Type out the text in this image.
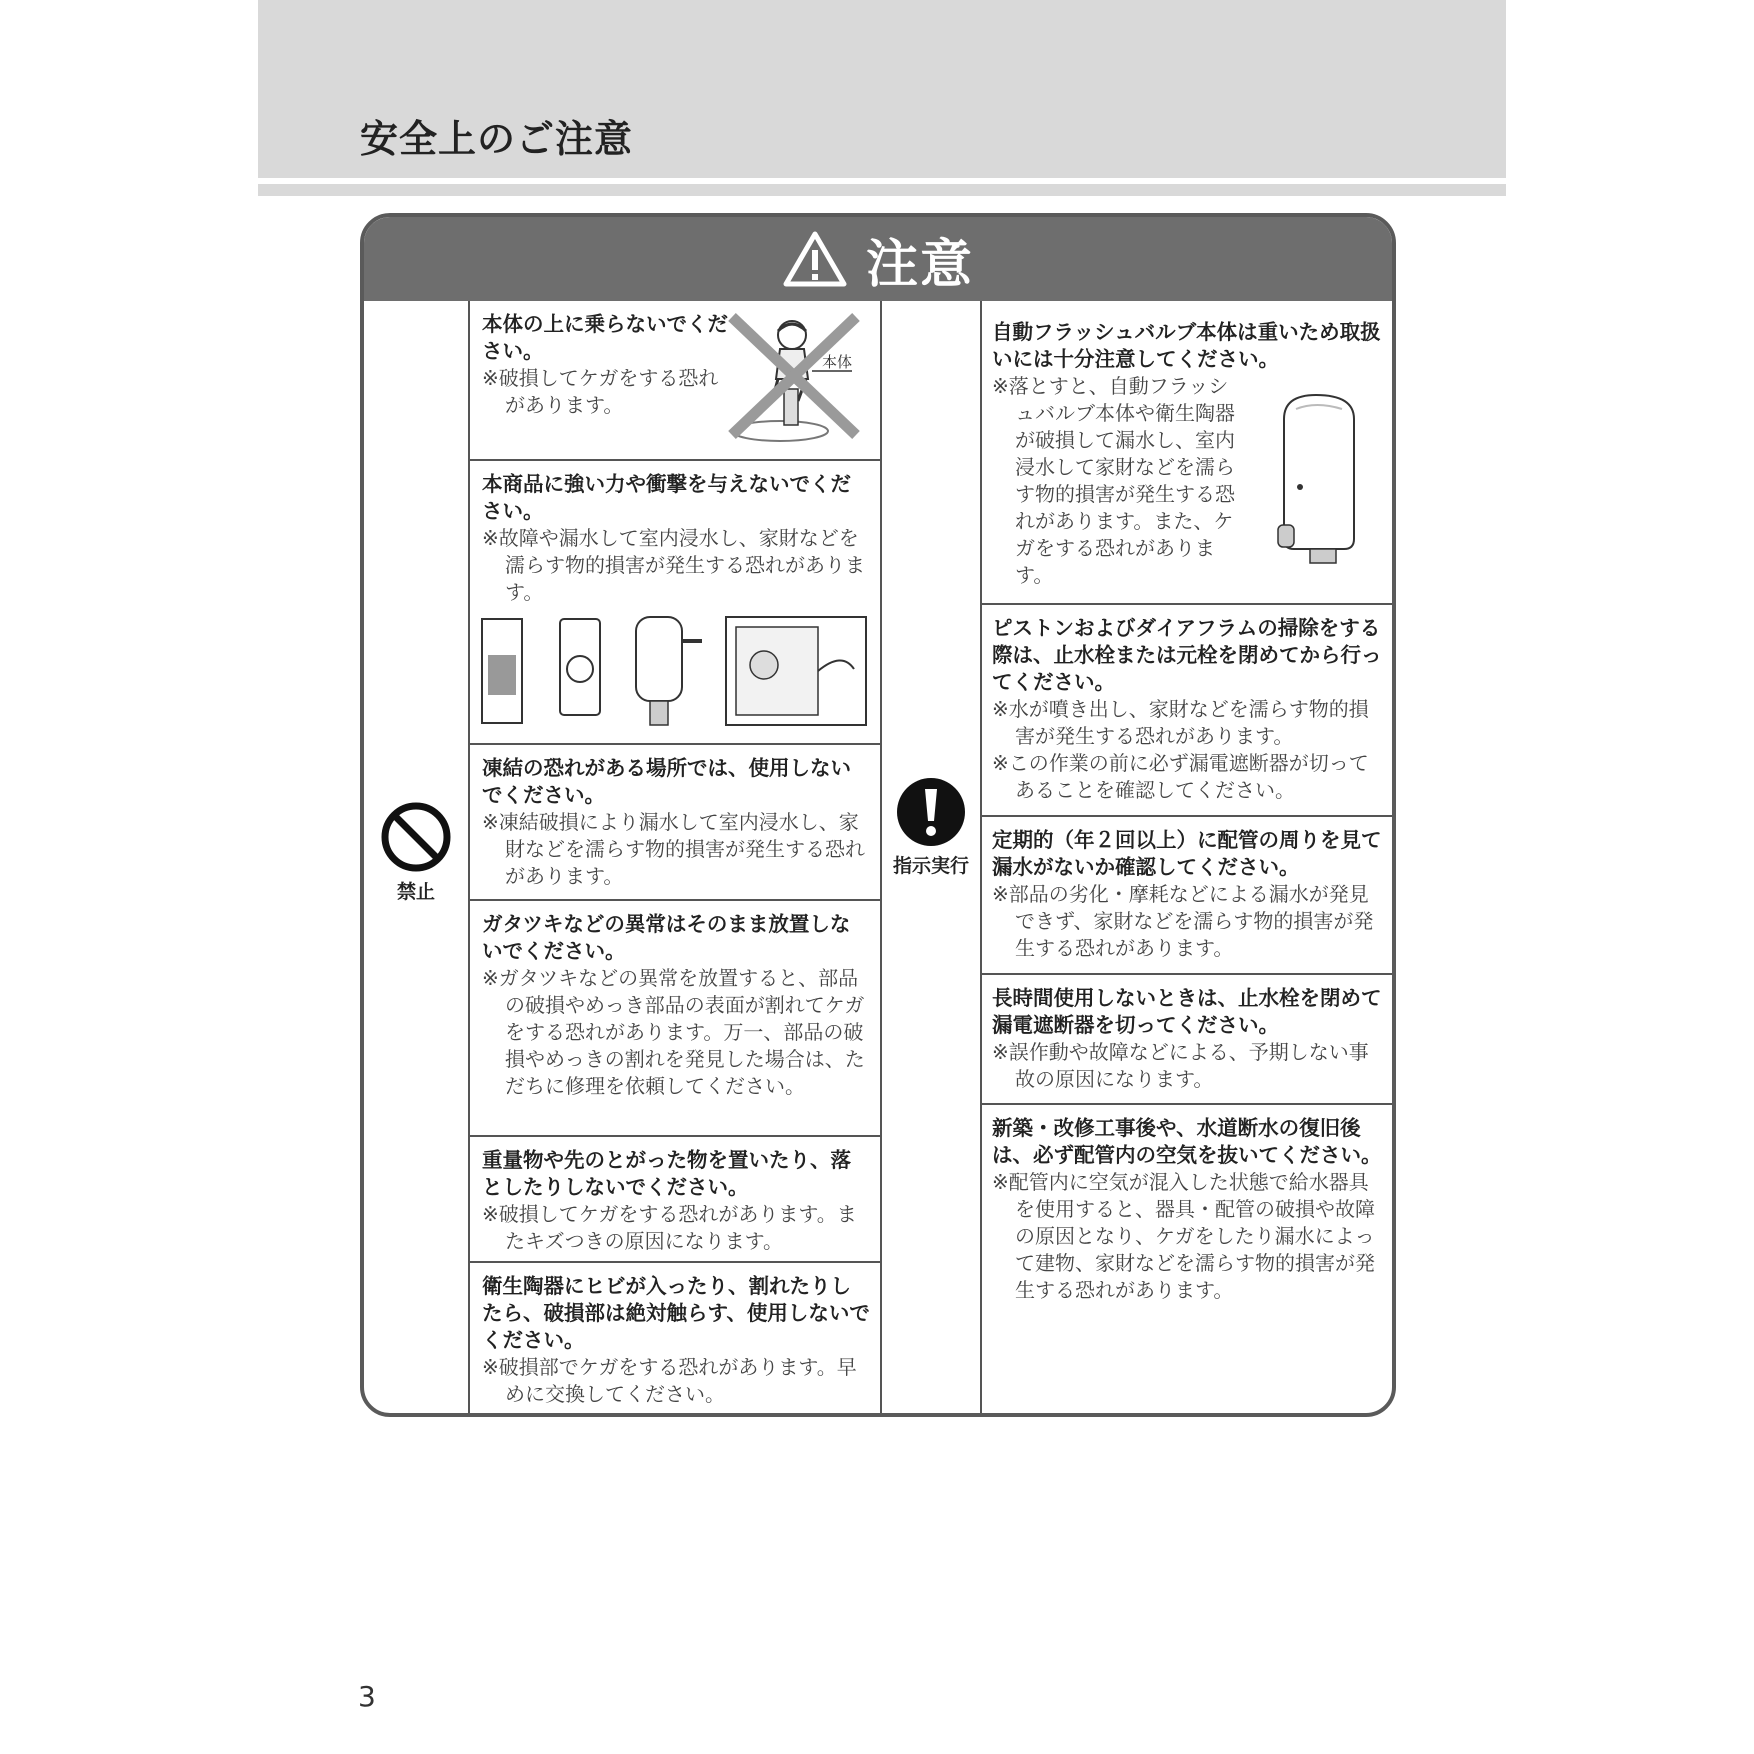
安全上のご注意
注意
禁止

本体の上に乗らないでください。

※破損してケガをする恐れがあります。

本体

本商品に強い力や衝撃を与えないでください。

※故障や漏水して室内浸水し、家財などを濡らす物的損害が発生する恐れがあります。

凍結の恐れがある場所では、使用しないでください。

※凍結破損により漏水して室内浸水し、家財などを濡らす物的損害が発生する恐れがあります。

ガタツキなどの異常はそのまま放置しないでください。

※ガタツキなどの異常を放置すると、部品の破損やめっき部品の表面が割れてケガをする恐れがあります。万一、部品の破損やめっきの割れを発見した場合は、ただちに修理を依頼してください。

重量物や先のとがった物を置いたり、落としたりしないでください。

※破損してケガをする恐れがあります。またキズつきの原因になります。

衛生陶器にヒビが入ったり、割れたりしたら、破損部は絶対触らす、使用しないでください。

※破損部でケガをする恐れがあります。早めに交換してください。

指示実行

自動フラッシュバルブ本体は重いため取扱いには十分注意してください。

※落とすと、自動フラッシュバルブ本体や衛生陶器が破損して漏水し、室内浸水して家財などを濡らす物的損害が発生する恐れがあります。また、ケガをする恐れがあります。

ピストンおよびダイアフラムの掃除をする際は、止水栓または元栓を閉めてから行ってください。

※水が噴き出し、家財などを濡らす物的損害が発生する恐れがあります。

※この作業の前に必ず漏電遮断器が切ってあることを確認してください。

定期的（年２回以上）に配管の周りを見て漏水がないか確認してください。

※部品の劣化・摩耗などによる漏水が発見できず、家財などを濡らす物的損害が発生する恐れがあります。

長時間使用しないときは、止水栓を閉めて漏電遮断器を切ってください。

※誤作動や故障などによる、予期しない事故の原因になります。

新築・改修工事後や、水道断水の復旧後は、必ず配管内の空気を抜いてください。

※配管内に空気が混入した状態で給水器具を使用すると、器具・配管の破損や故障の原因となり、ケガをしたり漏水によって建物、家財などを濡らす物的損害が発生する恐れがあります。

3
